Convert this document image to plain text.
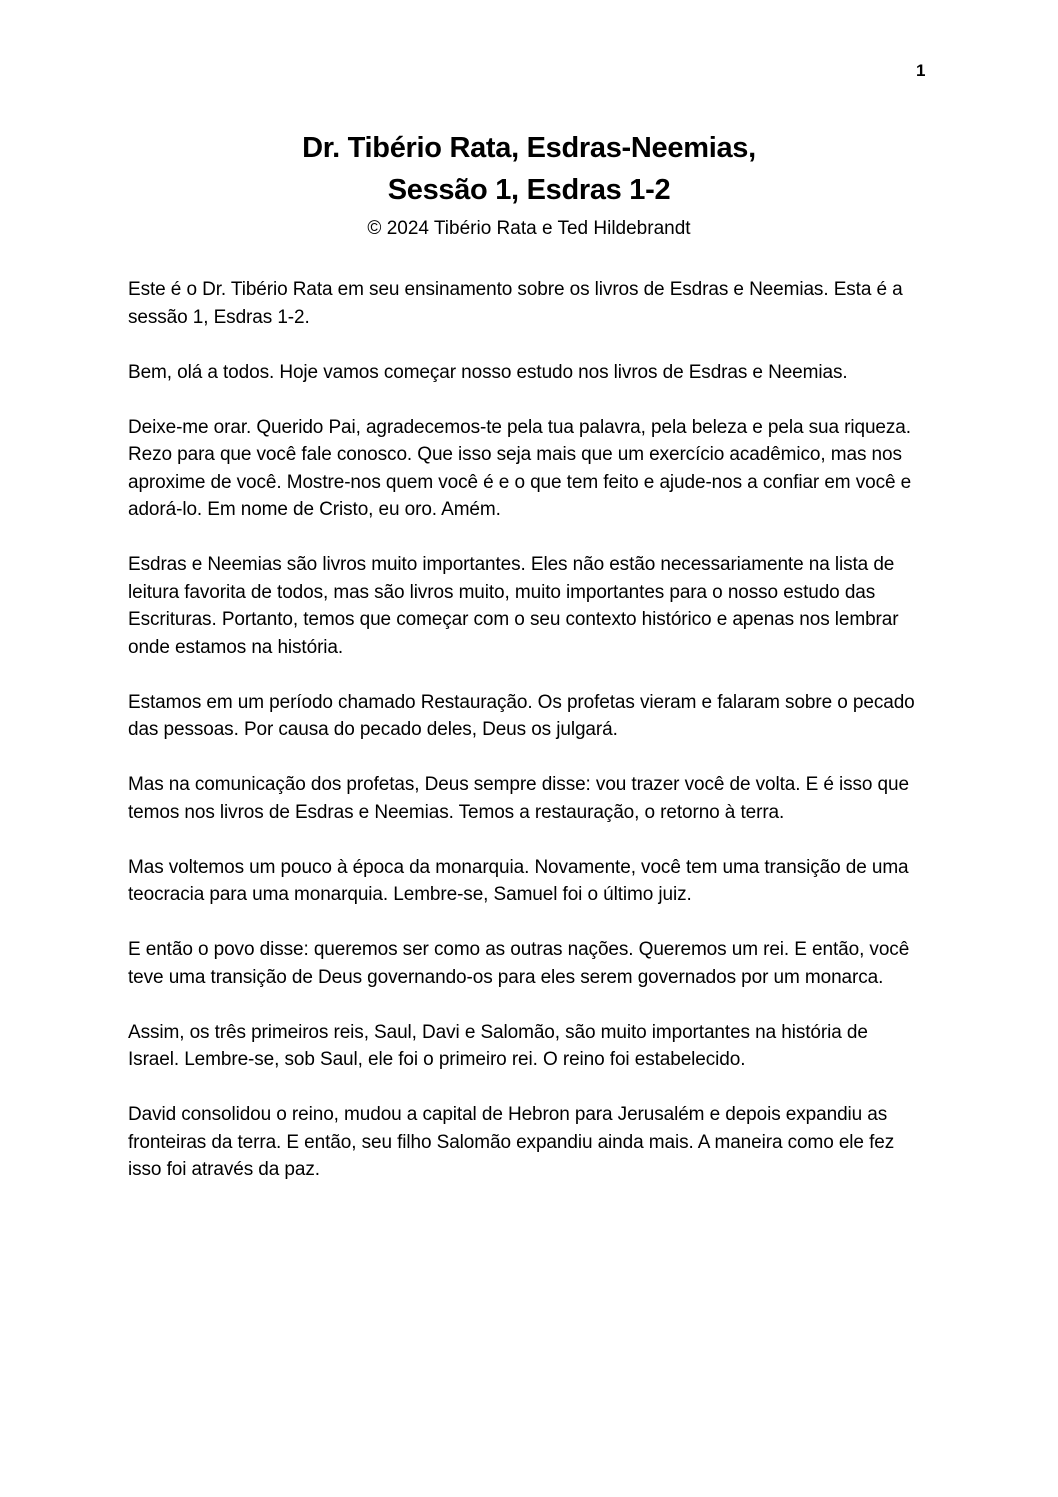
1
Dr. Tibério Rata, Esdras-Neemias,
Sessão 1, Esdras 1-2

© 2024 Tibério Rata e Ted Hildebrandt

Este é o Dr. Tibério Rata em seu ensinamento sobre os livros de Esdras e Neemias. Esta é a sessão 1, Esdras 1-2.

Bem, olá a todos. Hoje vamos começar nosso estudo nos livros de Esdras e Neemias.

Deixe-me orar. Querido Pai, agradecemos-te pela tua palavra, pela beleza e pela sua riqueza. Rezo para que você fale conosco. Que isso seja mais que um exercício acadêmico, mas nos aproxime de você. Mostre-nos quem você é e o que tem feito e ajude-nos a confiar em você e adorá-lo. Em nome de Cristo, eu oro. Amém.

Esdras e Neemias são livros muito importantes. Eles não estão necessariamente na lista de leitura favorita de todos, mas são livros muito, muito importantes para o nosso estudo das Escrituras. Portanto, temos que começar com o seu contexto histórico e apenas nos lembrar onde estamos na história.

Estamos em um período chamado Restauração. Os profetas vieram e falaram sobre o pecado das pessoas. Por causa do pecado deles, Deus os julgará.

Mas na comunicação dos profetas, Deus sempre disse: vou trazer você de volta. E é isso que temos nos livros de Esdras e Neemias. Temos a restauração, o retorno à terra.

Mas voltemos um pouco à época da monarquia. Novamente, você tem uma transição de uma teocracia para uma monarquia. Lembre-se, Samuel foi o último juiz.

E então o povo disse: queremos ser como as outras nações. Queremos um rei. E então, você teve uma transição de Deus governando-os para eles serem governados por um monarca.

Assim, os três primeiros reis, Saul, Davi e Salomão, são muito importantes na história de Israel. Lembre-se, sob Saul, ele foi o primeiro rei. O reino foi estabelecido.

David consolidou o reino, mudou a capital de Hebron para Jerusalém e depois expandiu as fronteiras da terra. E então, seu filho Salomão expandiu ainda mais. A maneira como ele fez isso foi através da paz.
